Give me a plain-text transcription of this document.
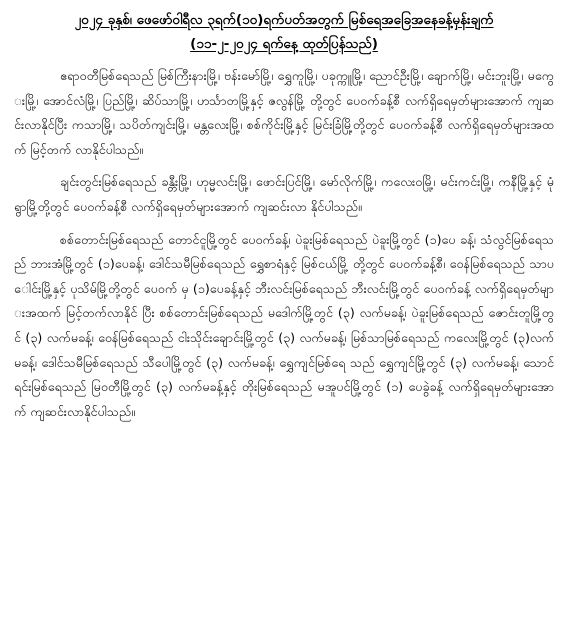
၂၀၂၄ ခုနှစ်၊ ဖေဖော်ဝါရီလ ၃ရက်(၁၀)ရက်ပတ်အတွက် မြစ်ရေအခြေအနေခန့်မှန်းချက်
(၁၁-၂-၂၀၂၄ ရက်နေ့ ထုတ်ပြန်သည်)

ဧရာဝတီမြစ်ရေသည် မြစ်ကြီးနားမြို့၊ ဗန်းမော်မြို့၊ ရွှေကူမြို့၊ ပခုက္ကူမြို့၊ ညောင်ဦးမြို့၊ ချောက်မြို့၊ မင်းဘူးမြို့၊ မကွေးမြို့၊ အောင်လံမြို့၊ ပြည်မြို့၊ ဆိပ်သာမြို့၊ ဟင်္သာတမြို့နှင့် ဇလွန်မြို့ တို့တွင် ပေဝက်ခန့်စီ လက်ရှိရေမှတ်များအောက် ကျဆင်းလာနိုင်ပြီး ကသာမြို့၊ သပိတ်ကျင်းမြို့၊ မန္တလေးမြို့၊ စစ်ကိုင်းမြို့နှင့် မြင်းခြံမြို့တို့တွင် ပေဝက်ခန့်စီ လက်ရှိရေမှတ်များအထက် မြင့်တက် လာနိုင်ပါသည်။

ချင်းတွင်းမြစ်ရေသည် ခန္တီးမြို့၊ ဟုမ္မလင်းမြို့၊ ဖောင်းပြင်မြို့၊ မော်လိုက်မြို့၊ ကလေးဝမြို့၊ မင်းကင်းမြို့၊ ကနီမြို့နှင့် မုံရွာမြို့တို့တွင် ပေဝက်ခန့်စီ လက်ရှိရေမှတ်များအောက် ကျဆင်းလာ နိုင်ပါသည်။

စစ်တောင်းမြစ်ရေသည် တောင်ငူမြို့တွင် ပေဝက်ခန့်၊ ပဲခူးမြစ်ရေသည် ပဲခူးမြို့တွင် (၁)ပေ ခန့်၊ သံလွင်မြစ်ရေသည် ဘားအံမြို့တွင် (၁)ပေခန့်၊ ဒေါင်သမီမြစ်ရေသည် ရွှေစာရံနှင့် မြစ်ငယ်မြို့ တို့တွင် ပေဝက်ခန့်စီ၊ ဝေန်မြစ်ရေသည် သာပေါင်းမြို့နှင့် ပုသိမ်မြို့တို့တွင် ပေဝက် မှ (၁)ပေခန့်နှင့် ဘီးလင်းမြစ်ရေသည် ဘီးလင်းမြို့တွင် ပေဝက်ခန့် လက်ရှိရေမှတ်များအထက် မြင့်တက်လာနိုင် ပြီး စစ်တောင်းမြစ်ရေသည် မဒေါက်မြို့တွင် (၃) လက်မခန့်၊ ပဲခူးမြစ်ရေသည် ဇောင်းတူမြို့တွင် (၃) လက်မခန့်၊ ဝေန်မြစ်ရေသည် ငါးသိုင်းချောင်းမြို့တွင် (၃) လက်မခန့်၊ မြစ်သာမြစ်ရေသည် ကလေးမြို့တွင် (၃)လက်မခန့်၊ ဒေါင်သမီမြစ်ရေသည် သီပေါမြို့တွင် (၃) လက်မခန့်၊ ရွှေကျင်မြစ်ရေ သည် ရွှေကျင်မြို့တွင် (၃) လက်မခန့်၊ သောင်ရင်းမြစ်ရေသည် မြဝတီမြို့တွင် (၃) လက်မခန့်နှင့် တိုးမြစ်ရေသည် မအူပင်မြို့တွင် (၁) ပေခွဲခန့် လက်ရှိရေမှတ်များအောက် ကျဆင်းလာနိုင်ပါသည်။
